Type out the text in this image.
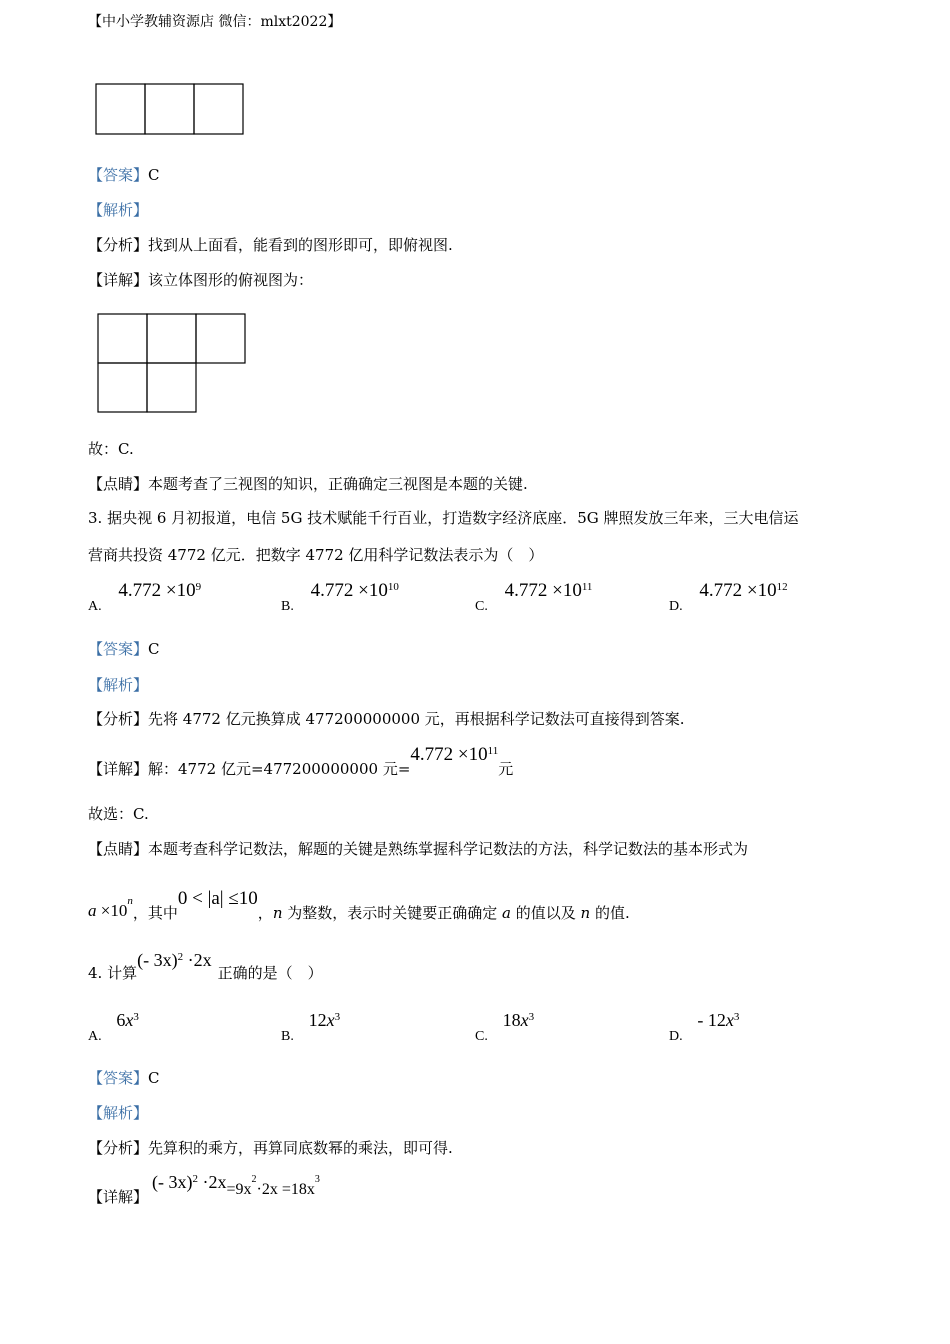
【中小学教辅资源店 微信：mlxt2022】
【答案】C
【解析】
【分析】找到从上面看，能看到的图形即可，即俯视图.
【详解】该立体图形的俯视图为：
故：C.
【点睛】本题考查了三视图的知识，正确确定三视图是本题的关键.
3. 据央视 6 月初报道，电信 5G 技术赋能千行百业，打造数字经济底座．5G 牌照发放三年来，三大电信运
营商共投资 4772 亿元．把数字 4772 亿用科学记数法表示为（　）
A. $4.772 \times 10^9$
B. $4.772 \times 10^{10}$
C. $4.772 \times 10^{11}$
D. $4.772 \times 10^{12}$
【答案】C
【解析】
【分析】先将 4772 亿元换算成 477200000000 元，再根据科学记数法可直接得到答案.
【详解】解：4772 亿元=477200000000 元$=4.772 \times 10^{11}$元
故选：C.
【点睛】本题考查科学记数法，解题的关键是熟练掌握科学记数法的方法，科学记数法的基本形式为
$a \times 10^n$，其中0 < |a| ≤10，n 为整数，表示时关键要正确确定 a 的值以及 n 的值.
4. 计算(- 3x)$^2$ ·2x正确的是（　）
A. $6x^3$
B. $12x^3$
C. $18x^3$
D. - $12x^3$
【答案】C
【解析】
【分析】先算积的乘方，再算同底数幂的乘法，即可得.
【详解】(- $3x)^2 \cdot 2x=9x^2\cdot 2x =18x^3$
